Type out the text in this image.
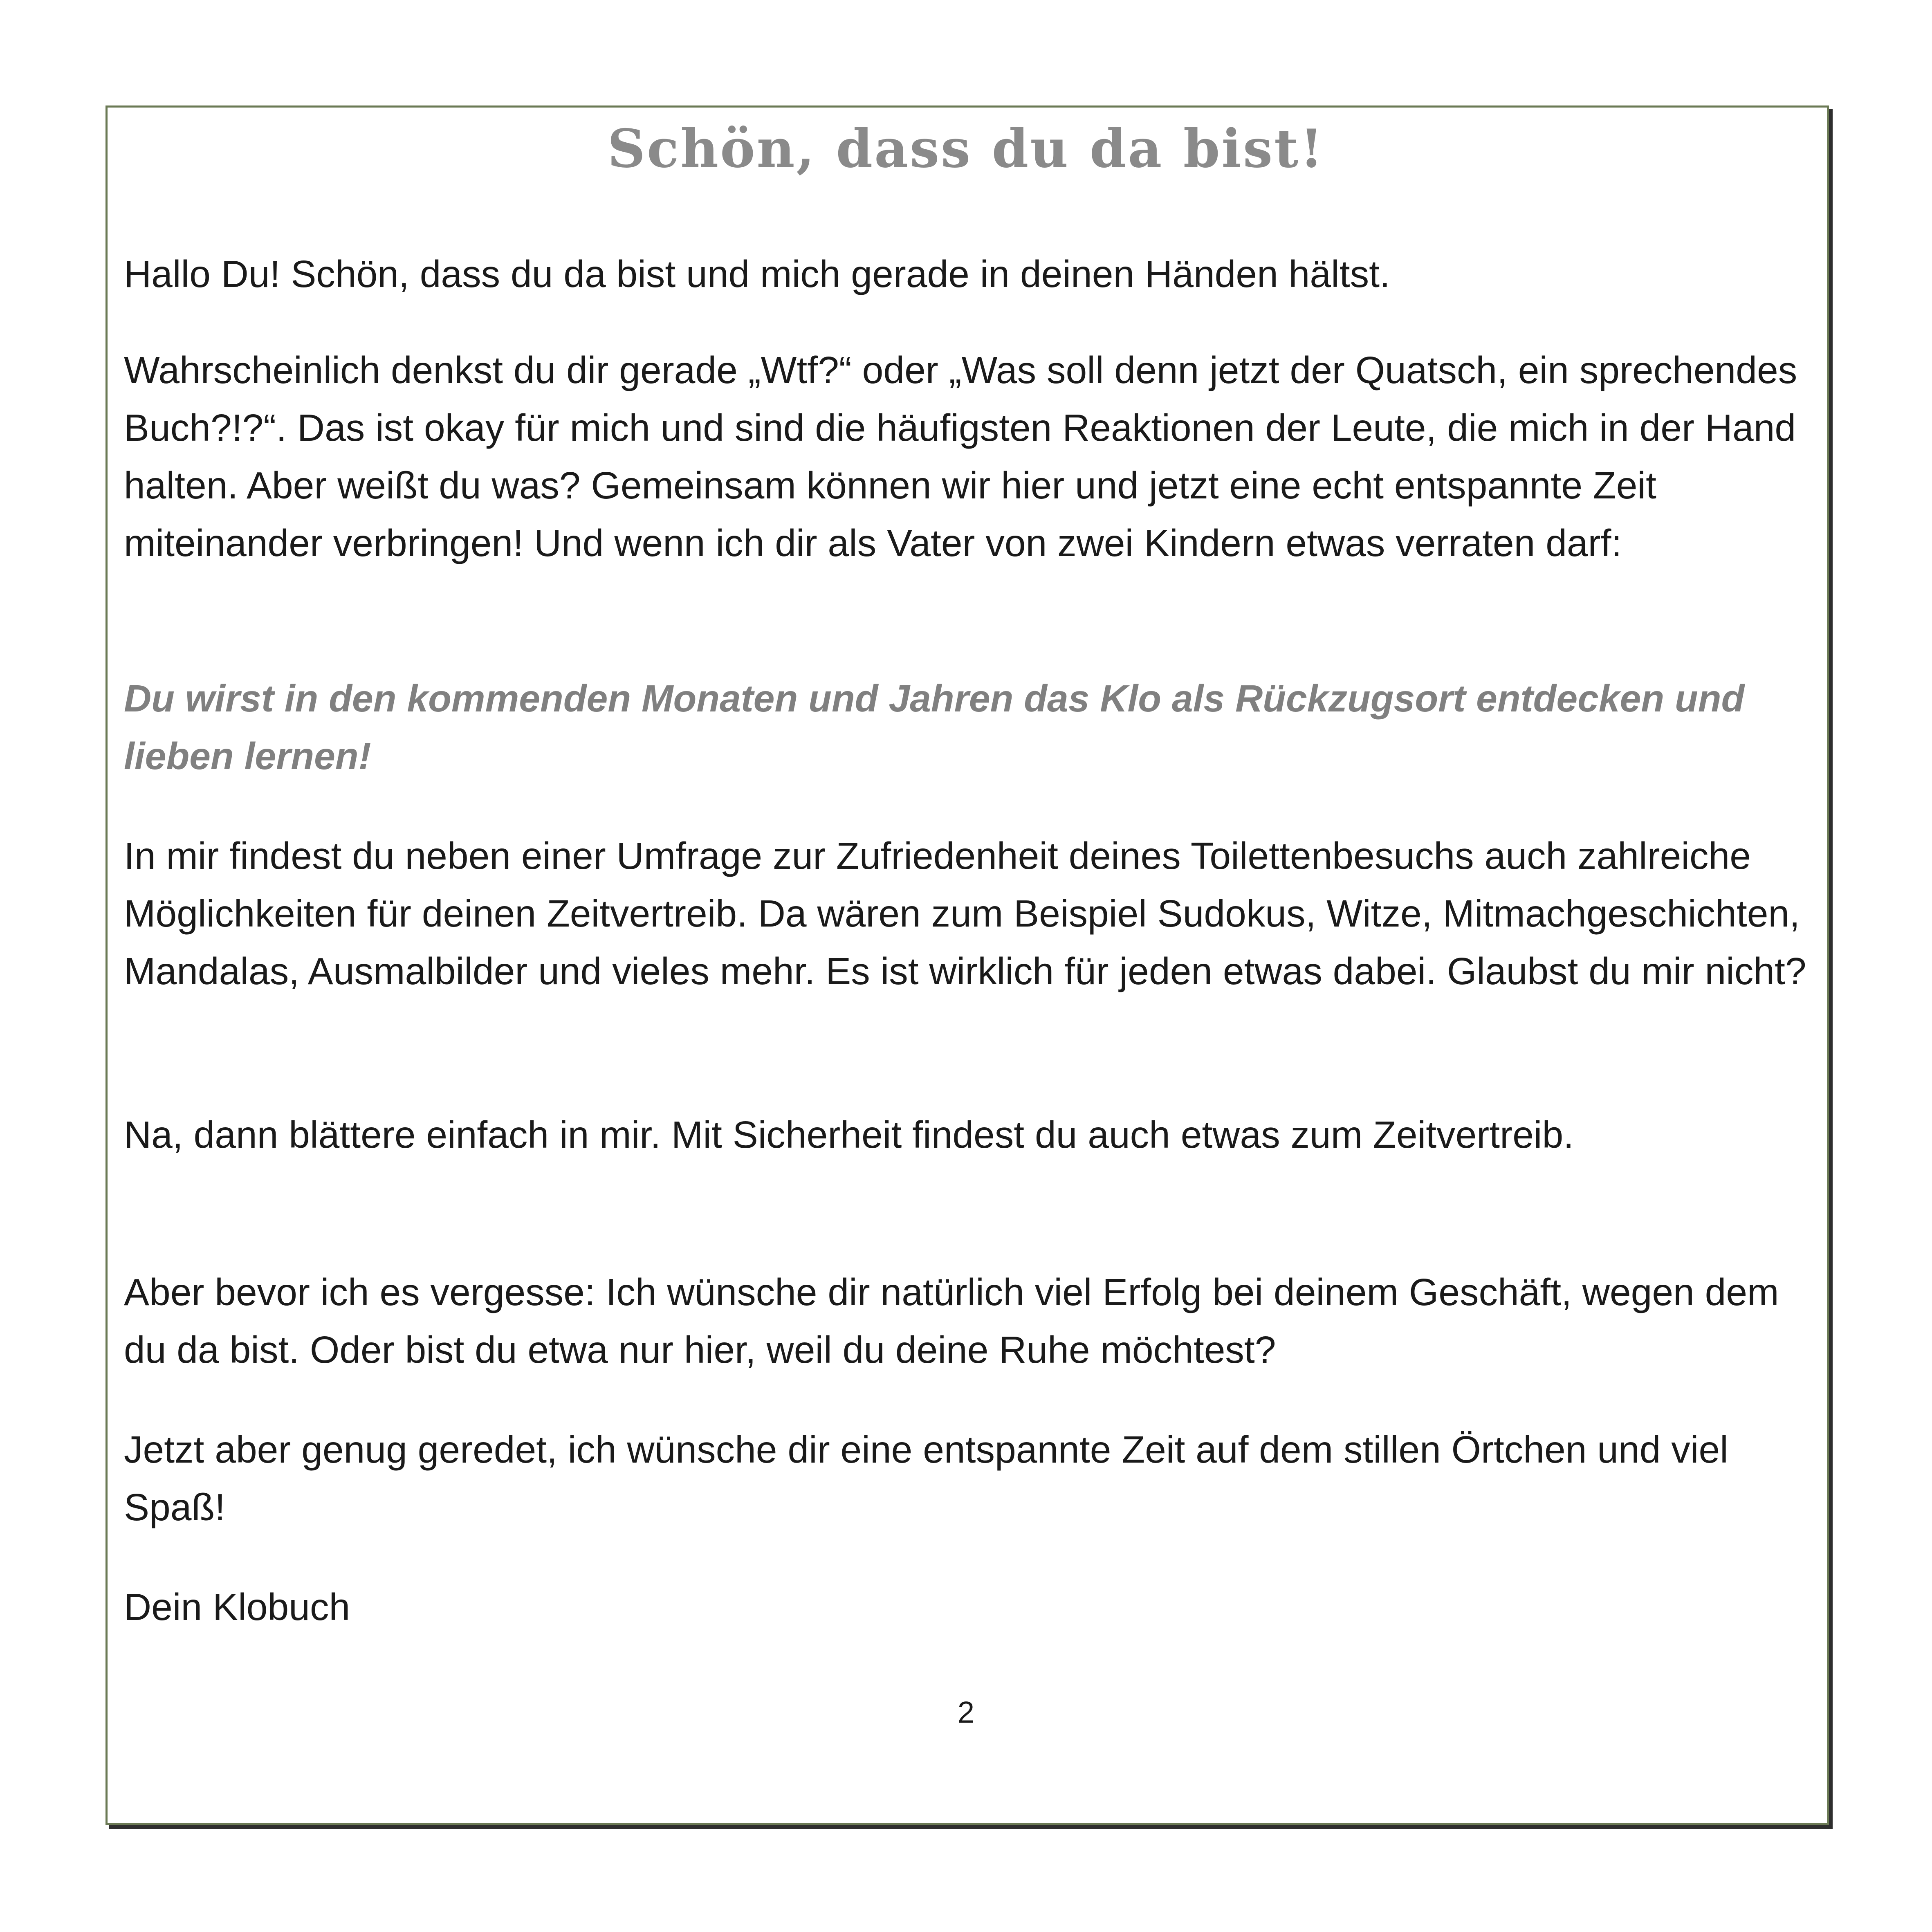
Schön, dass du da bist!

Hallo Du! Schön, dass du da bist und mich gerade in deinen Händen hältst.

Wahrscheinlich denkst du dir gerade „Wtf?“ oder „Was soll denn jetzt der Quatsch, ein sprechendes Buch?!?“. Das ist okay für mich und sind die häufigsten Reaktionen der Leute, die mich in der Hand halten. Aber weißt du was? Gemeinsam können wir hier und jetzt eine echt entspannte Zeit miteinander verbringen! Und wenn ich dir als Vater von zwei Kindern etwas verraten darf:

Du wirst in den kommenden Monaten und Jahren das Klo als Rückzugsort entdecken und lieben lernen!

In mir findest du neben einer Umfrage zur Zufriedenheit deines Toilettenbesuchs auch zahlreiche Möglichkeiten für deinen Zeitvertreib. Da wären zum Beispiel Sudokus, Witze, Mitmachgeschichten, Mandalas, Ausmalbilder und vieles mehr. Es ist wirklich für jeden etwas dabei. Glaubst du mir nicht?

Na, dann blättere einfach in mir. Mit Sicherheit findest du auch etwas zum Zeitvertreib.

Aber bevor ich es vergesse: Ich wünsche dir natürlich viel Erfolg bei deinem Geschäft, wegen dem du da bist. Oder bist du etwa nur hier, weil du deine Ruhe möchtest?

Jetzt aber genug geredet, ich wünsche dir eine entspannte Zeit auf dem stillen Örtchen und viel Spaß!

Dein Klobuch

2
